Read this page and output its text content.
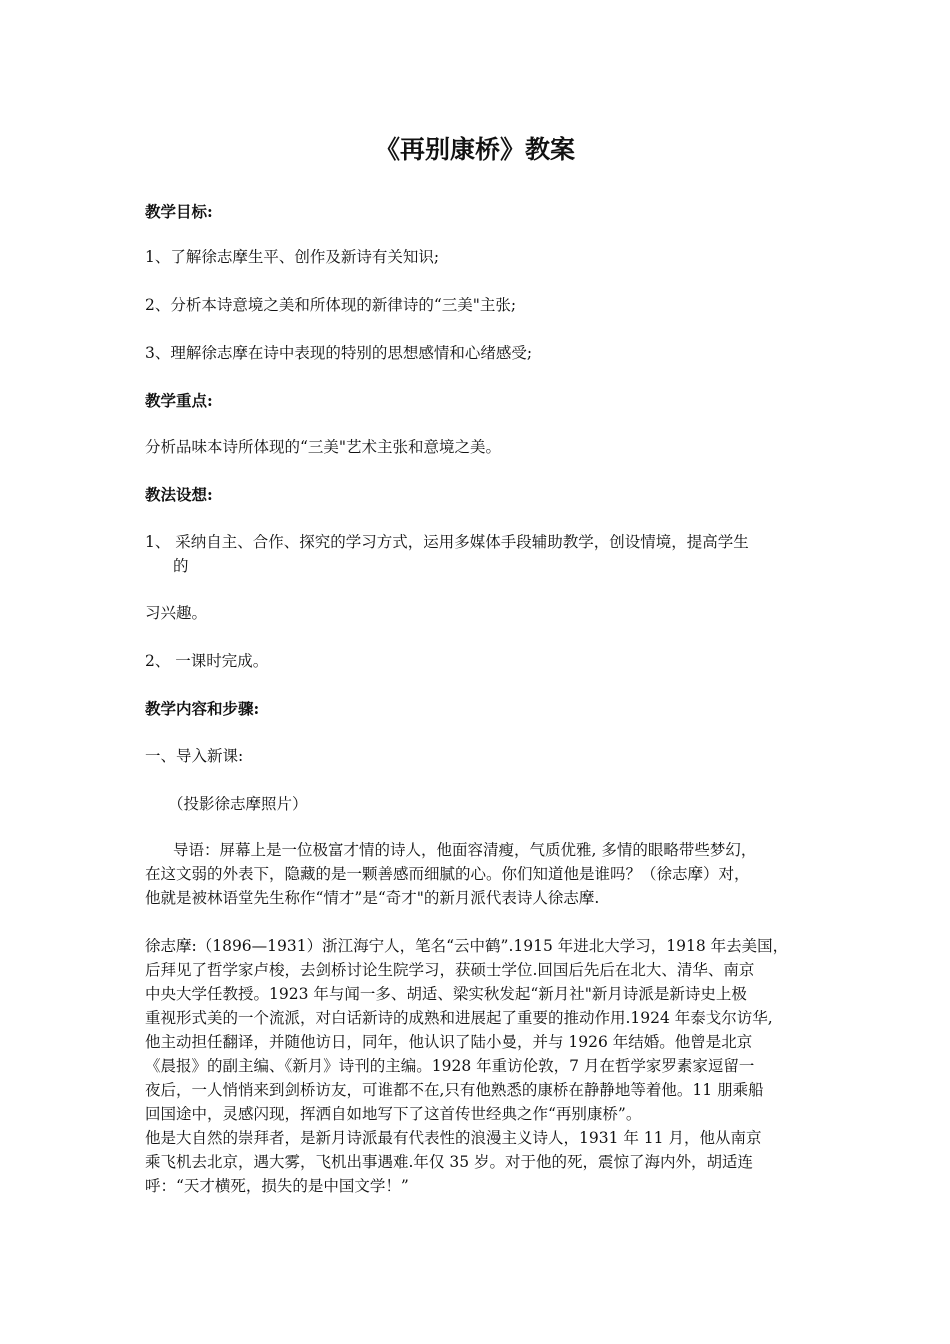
《再别康桥》教案
教学目标:
1、了解徐志摩生平、创作及新诗有关知识;
2、分析本诗意境之美和所体现的新律诗的“三美"主张;
3、理解徐志摩在诗中表现的特别的思想感情和心绪感受;
教学重点:
分析品味本诗所体现的“三美"艺术主张和意境之美。
教法设想:
1、 采纳自主、合作、探究的学习方式，运用多媒体手段辅助教学，创设情境，提高学生
的
习兴趣。
2、 一课时完成。
教学内容和步骤:
一、导入新课:
（投影徐志摩照片）
导语：屏幕上是一位极富才情的诗人，他面容清瘦，气质优雅, 多情的眼略带些梦幻，
在这文弱的外表下，隐藏的是一颗善感而细腻的心。你们知道他是谁吗？（徐志摩）对，
他就是被林语堂先生称作“情才”是“奇才"的新月派代表诗人徐志摩.
徐志摩:（1896—1931）浙江海宁人，笔名“云中鹤”.1915 年进北大学习，1918 年去美国，
后拜见了哲学家卢梭，去剑桥讨论生院学习，获硕士学位.回国后先后在北大、清华、南京
中央大学任教授。1923 年与闻一多、胡适、梁实秋发起“新月社"新月诗派是新诗史上极
重视形式美的一个流派，对白话新诗的成熟和进展起了重要的推动作用.1924 年泰戈尔访华,
他主动担任翻译，并随他访日，同年，他认识了陆小曼，并与 1926 年结婚。他曾是北京
《晨报》的副主编、《新月》诗刊的主编。1928 年重访伦敦，7 月在哲学家罗素家逗留一
夜后，一人悄悄来到剑桥访友，可谁都不在,只有他熟悉的康桥在静静地等着他。11 朋乘船
回国途中，灵感闪现，挥洒自如地写下了这首传世经典之作“再别康桥”。
他是大自然的崇拜者，是新月诗派最有代表性的浪漫主义诗人，1931 年 11 月，他从南京
乘飞机去北京，遇大雾，飞机出事遇难.年仅 35 岁。对于他的死，震惊了海内外，胡适连
呼：“天才横死，损失的是中国文学！”
